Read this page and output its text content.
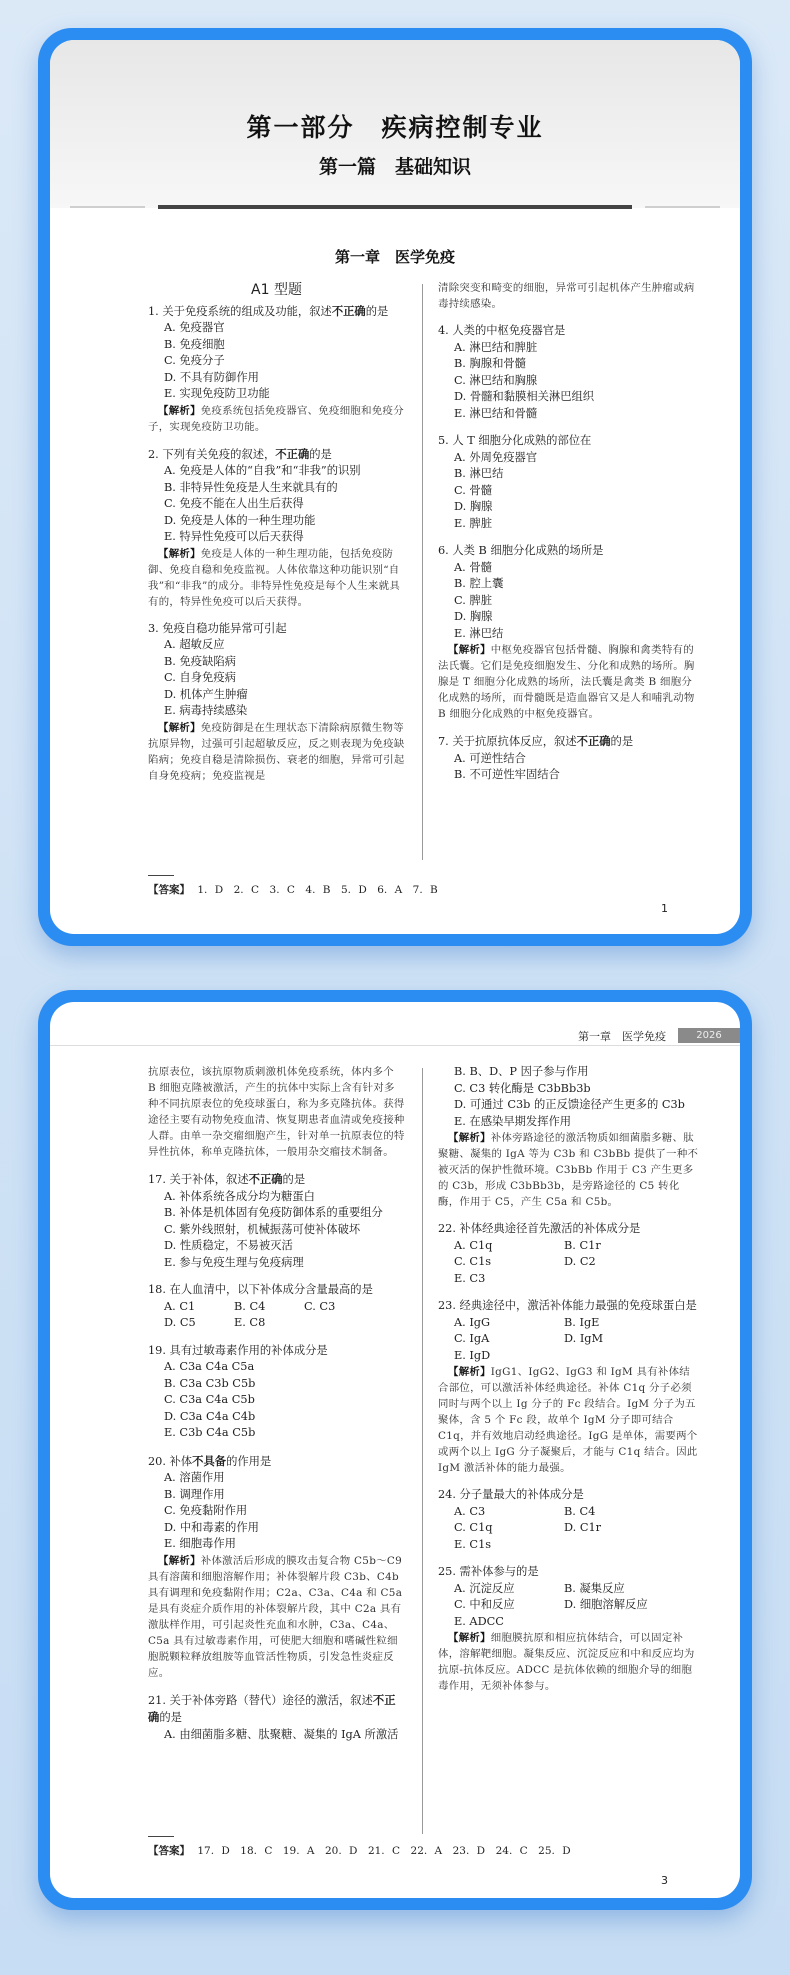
第一部分　疾病控制专业
第一篇　基础知识
第一章　医学免疫
A1 型题
1. 关于免疫系统的组成及功能，叙述不正确的是
A. 免疫器官
B. 免疫细胞
C. 免疫分子
D. 不具有防御作用
E. 实现免疫防卫功能
【解析】免疫系统包括免疫器官、免疫细胞和免疫分子，实现免疫防卫功能。
2. 下列有关免疫的叙述，不正确的是
A. 免疫是人体的“自我”和“非我”的识别
B. 非特异性免疫是人生来就具有的
C. 免疫不能在人出生后获得
D. 免疫是人体的一种生理功能
E. 特异性免疫可以后天获得
【解析】免疫是人体的一种生理功能，包括免疫防御、免疫自稳和免疫监视。人体依靠这种功能识别“自我”和“非我”的成分。非特异性免疫是每个人生来就具有的，特异性免疫可以后天获得。
3. 免疫自稳功能异常可引起
A. 超敏反应
B. 免疫缺陷病
C. 自身免疫病
D. 机体产生肿瘤
E. 病毒持续感染
【解析】免疫防御是在生理状态下清除病原微生物等抗原异物，过强可引起超敏反应，反之则表现为免疫缺陷病；免疫自稳是清除损伤、衰老的细胞，异常可引起自身免疫病；免疫监视是
清除突变和畸变的细胞，异常可引起机体产生肿瘤或病毒持续感染。
4. 人类的中枢免疫器官是
A. 淋巴结和脾脏
B. 胸腺和骨髓
C. 淋巴结和胸腺
D. 骨髓和黏膜相关淋巴组织
E. 淋巴结和骨髓
5. 人 T 细胞分化成熟的部位在
A. 外周免疫器官
B. 淋巴结
C. 骨髓
D. 胸腺
E. 脾脏
6. 人类 B 细胞分化成熟的场所是
A. 骨髓
B. 腔上囊
C. 脾脏
D. 胸腺
E. 淋巴结
【解析】中枢免疫器官包括骨髓、胸腺和禽类特有的法氏囊。它们是免疫细胞发生、分化和成熟的场所。胸腺是 T 细胞分化成熟的场所，法氏囊是禽类 B 细胞分化成熟的场所，而骨髓既是造血器官又是人和哺乳动物 B 细胞分化成熟的中枢免疫器官。
7. 关于抗原抗体反应，叙述不正确的是
A. 可逆性结合
B. 不可逆性牢固结合
【答案】 1. D　2. C　3. C　4. B　5. D　6. A　7. B
1
第一章　医学免疫	2026
抗原表位，该抗原物质刺激机体免疫系统，体内多个 B 细胞克隆被激活，产生的抗体中实际上含有针对多种不同抗原表位的免疫球蛋白，称为多克隆抗体。获得途径主要有动物免疫血清、恢复期患者血清或免疫接种人群。由单一杂交瘤细胞产生，针对单一抗原表位的特异性抗体，称单克隆抗体，一般用杂交瘤技术制备。
17. 关于补体，叙述不正确的是
A. 补体系统各成分均为糖蛋白
B. 补体是机体固有免疫防御体系的重要组分
C. 紫外线照射，机械振荡可使补体破坏
D. 性质稳定，不易被灭活
E. 参与免疫生理与免疫病理
18. 在人血清中，以下补体成分含量最高的是
A. C1	B. C4	C. C3
D. C5	E. C8
19. 具有过敏毒素作用的补体成分是
A. C3a C4a C5a
B. C3a C3b C5b
C. C3a C4a C5b
D. C3a C4a C4b
E. C3b C4a C5b
20. 补体不具备的作用是
A. 溶菌作用
B. 调理作用
C. 免疫黏附作用
D. 中和毒素的作用
E. 细胞毒作用
【解析】补体激活后形成的膜攻击复合物 C5b～C9 具有溶菌和细胞溶解作用；补体裂解片段 C3b、C4b 具有调理和免疫黏附作用；C2a、C3a、C4a 和 C5a 是具有炎症介质作用的补体裂解片段，其中 C2a 具有激肽样作用，可引起炎性充血和水肿，C3a、C4a、C5a 具有过敏毒素作用，可使肥大细胞和嗜碱性粒细胞脱颗粒释放组胺等血管活性物质，引发急性炎症反应。
21. 关于补体旁路（替代）途径的激活，叙述不正确的是
A. 由细菌脂多糖、肽聚糖、凝集的 IgA 所激活
B. B、D、P 因子参与作用
C. C3 转化酶是 C3bBb3b
D. 可通过 C3b 的正反馈途径产生更多的 C3b
E. 在感染早期发挥作用
【解析】补体旁路途径的激活物质如细菌脂多糖、肽聚糖、凝集的 IgA 等为 C3b 和 C3bBb 提供了一种不被灭活的保护性微环境。C3bBb 作用于 C3 产生更多的 C3b，形成 C3bBb3b，是旁路途径的 C5 转化酶，作用于 C5，产生 C5a 和 C5b。
22. 补体经典途径首先激活的补体成分是
A. C1q	B. C1r
C. C1s	D. C2
E. C3
23. 经典途径中，激活补体能力最强的免疫球蛋白是
A. IgG	B. IgE
C. IgA	D. IgM
E. IgD
【解析】IgG1、IgG2、IgG3 和 IgM 具有补体结合部位，可以激活补体经典途径。补体 C1q 分子必须同时与两个以上 Ig 分子的 Fc 段结合。IgM 分子为五聚体，含 5 个 Fc 段，故单个 IgM 分子即可结合 C1q，并有效地启动经典途径。IgG 是单体，需要两个或两个以上 IgG 分子凝聚后，才能与 C1q 结合。因此 IgM 激活补体的能力最强。
24. 分子量最大的补体成分是
A. C3	B. C4
C. C1q	D. C1r
E. C1s
25. 需补体参与的是
A. 沉淀反应	B. 凝集反应
C. 中和反应	D. 细胞溶解反应
E. ADCC
【解析】细胞膜抗原和相应抗体结合，可以固定补体，溶解靶细胞。凝集反应、沉淀反应和中和反应均为抗原-抗体反应。ADCC 是抗体依赖的细胞介导的细胞毒作用，无须补体参与。
【答案】 17. D　18. C　19. A　20. D　21. C　22. A　23. D　24. C　25. D
3
